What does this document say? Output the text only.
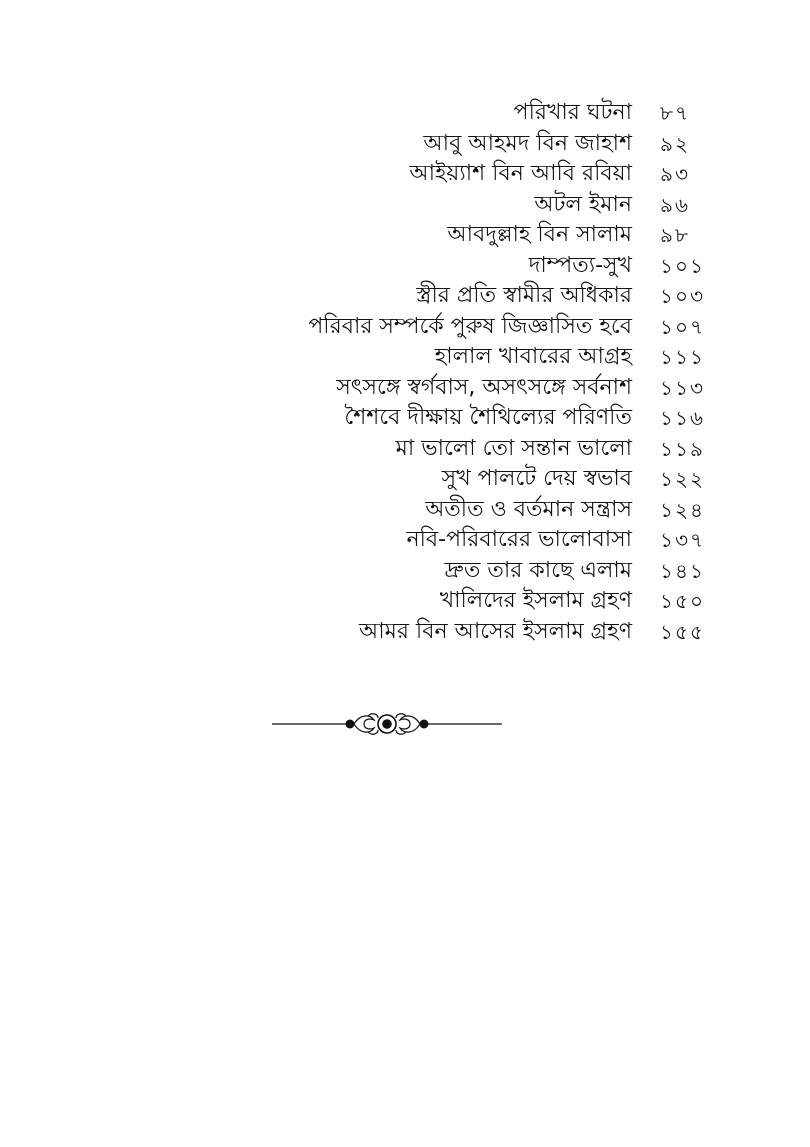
পরিখার ঘটনা ৮৭
আবু আহমদ বিন জাহাশ ৯২
আইয়্যাশ বিন আবি রবিয়া ৯৩
অটল ইমান ৯৬
আবদুল্লাহ বিন সালাম ৯৮
দাম্পত্য-সুখ ১০১
স্ত্রীর প্রতি স্বামীর অধিকার ১০৩
পরিবার সম্পর্কে পুরুষ জিজ্ঞাসিত হবে ১০৭
হালাল খাবারের আগ্রহ ১১১
সৎসঙ্গে স্বর্গবাস, অসৎসঙ্গে সর্বনাশ ১১৩
শৈশবে দীক্ষায় শৈথিল্যের পরিণতি ১১৬
মা ভালো তো সন্তান ভালো ১১৯
সুখ পালটে দেয় স্বভাব ১২২
অতীত ও বর্তমান সন্ত্রাস ১২৪
নবি-পরিবারের ভালোবাসা ১৩৭
দ্রুত তার কাছে এলাম ১৪১
খালিদের ইসলাম গ্রহণ ১৫০
আমর বিন আসের ইসলাম গ্রহণ ১৫৫
